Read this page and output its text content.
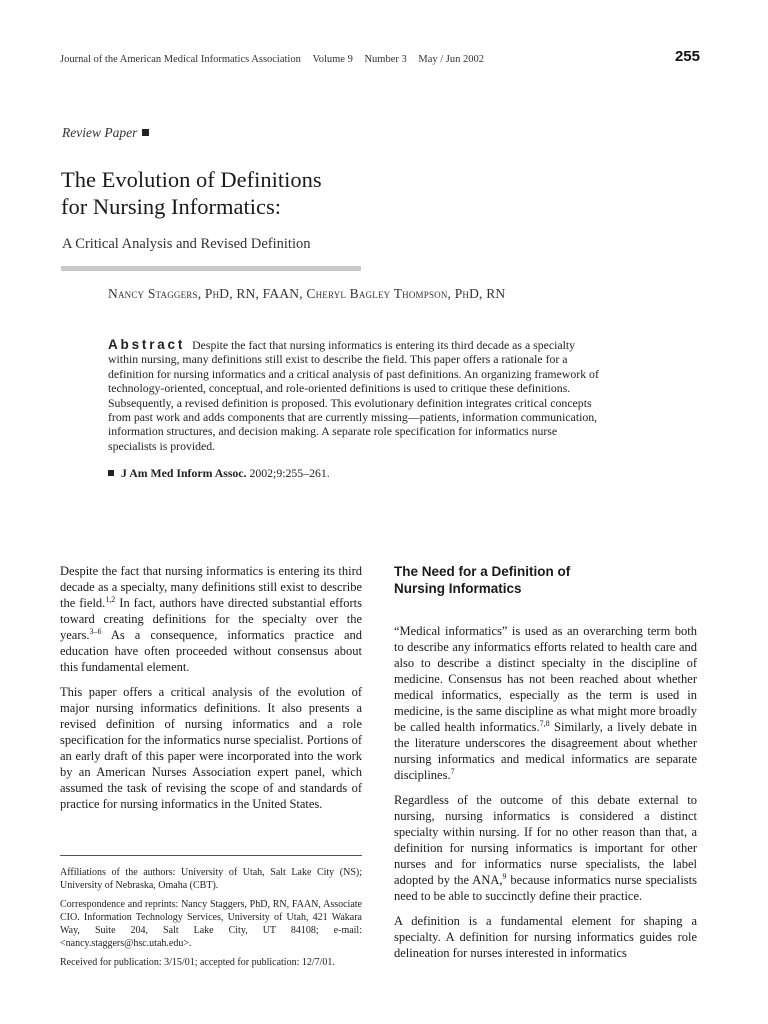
Journal of the American Medical Informatics Association Volume 9 Number 3 May / Jun 2002	255
Review Paper
The Evolution of Definitions
for Nursing Informatics:
A Critical Analysis and Revised Definition
Nancy Staggers, PhD, RN, FAAN, Cheryl Bagley Thompson, PhD, RN

Abstract Despite the fact that nursing informatics is entering its third decade as a specialty within nursing, many definitions still exist to describe the field. This paper offers a rationale for a definition for nursing informatics and a critical analysis of past definitions. An organizing framework of technology-oriented, conceptual, and role-oriented definitions is used to critique these definitions. Subsequently, a revised definition is proposed. This evolutionary definition integrates critical concepts from past work and adds components that are currently missing—patients, information communication, information structures, and decision making. A separate role specification for informatics nurse specialists is provided.

J Am Med Inform Assoc. 2002;9:255–261.

Despite the fact that nursing informatics is entering its third decade as a specialty, many definitions still exist to describe the field.$^{1,2}$ In fact, authors have directed substantial efforts toward creating definitions for the specialty over the years.$^{3-6}$ As a consequence, informatics practice and education have often proceeded without consensus about this fundamental element.

This paper offers a critical analysis of the evolution of major nursing informatics definitions. It also presents a revised definition of nursing informatics and a role specification for the informatics nurse specialist. Portions of an early draft of this paper were incorporated into the work by an American Nurses Association expert panel, which assumed the task of revising the scope of and standards of practice for nursing informatics in the United States.

Affiliations of the authors: University of Utah, Salt Lake City (NS); University of Nebraska, Omaha (CBT).

Correspondence and reprints: Nancy Staggers, PhD, RN, FAAN, Associate CIO. Information Technology Services, University of Utah, 421 Wakara Way, Suite 204, Salt Lake City, UT 84108; e-mail: <nancy.staggers@hsc.utah.edu>.

Received for publication: 3/15/01; accepted for publication: 12/7/01.

The Need for a Definition of
Nursing Informatics

“Medical informatics” is used as an overarching term both to describe any informatics efforts related to health care and also to describe a distinct specialty in the discipline of medicine. Consensus has not been reached about whether medical informatics, especially as the term is used in medicine, is the same discipline as what might more broadly be called health informatics.$^{7,8}$ Similarly, a lively debate in the literature underscores the disagreement about whether nursing informatics and medical informatics are separate disciplines.$^7$

Regardless of the outcome of this debate external to nursing, nursing informatics is considered a distinct specialty within nursing. If for no other reason than that, a definition for nursing informatics is important for other nurses and for informatics nurse specialists, the label adopted by the ANA,$^9$ because informatics nurse specialists need to be able to succinctly define their practice.

A definition is a fundamental element for shaping a specialty. A definition for nursing informatics guides role delineation for nurses interested in informatics
